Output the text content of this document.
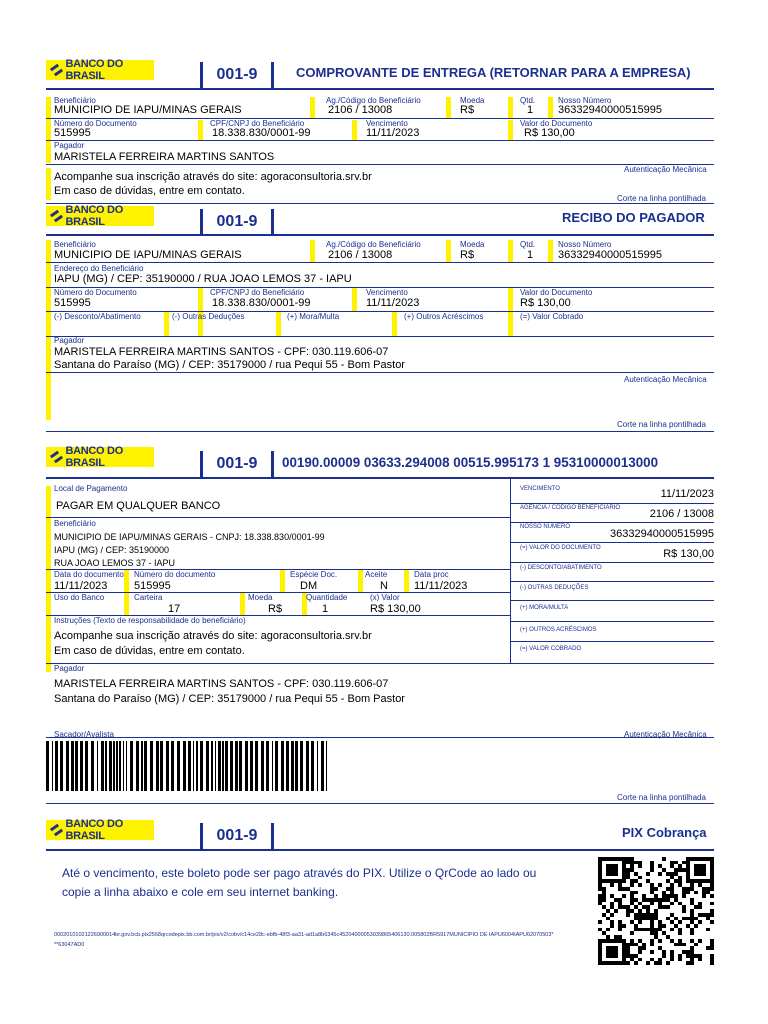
BANCO DO BRASIL	001-9	COMPROVANTE DE ENTREGA (RETORNAR PARA A EMPRESA)
Beneficiário
MUNICIPIO DE IAPU/MINAS GERAIS
Ag./Código do Beneficiário
2106 / 13008
Moeda
R$
Qtd.
1
Nosso Número
36332940000515995
Número do Documento
515995
CPF/CNPJ do Beneficiário
18.338.830/0001-99
Vencimento
11/11/2023
Valor do Documento
R$ 130,00
Pagador
MARISTELA FERREIRA MARTINS SANTOS
Autenticação Mecânica
Acompanhe sua inscrição através do site: agoraconsultoria.srv.br
Em caso de dúvidas, entre em contato.
Corte na linha pontilhada
BANCO DO BRASIL	001-9	RECIBO DO PAGADOR
Beneficiário
MUNICIPIO DE IAPU/MINAS GERAIS
Ag./Código do Beneficiário
2106 / 13008
Moeda
R$
Qtd.
1
Nosso Número
36332940000515995
Endereço do Beneficiário
IAPU (MG) / CEP: 35190000 / RUA JOAO LEMOS 37 - IAPU
Número do Documento
515995
CPF/CNPJ do Beneficiário
18.338.830/0001-99
Vencimento
11/11/2023
Valor do Documento
R$ 130,00
(-) Desconto/Abatimento	(-) Outras Deduções	(+) Mora/Multa	(+) Outros Acréscimos	(=) Valor Cobrado
Pagador
MARISTELA FERREIRA MARTINS SANTOS - CPF: 030.119.606-07
Santana do Paraíso (MG) / CEP: 35179000 / rua Pequi 55 - Bom Pastor
Autenticação Mecânica
Corte na linha pontilhada
BANCO DO BRASIL	001-9	00190.00009 03633.294008 00515.995173 1 95310000013000
Local de Pagamento
PAGAR EM QUALQUER BANCO
Beneficiário
MUNICIPIO DE IAPU/MINAS GERAIS - CNPJ: 18.338.830/0001-99
IAPU (MG) / CEP: 35190000
RUA JOAO LEMOS 37 - IAPU
Data do documento
11/11/2023
Número do documento
515995
Espécie Doc.
DM
Aceite
N
Data proc
11/11/2023
Uso do Banco	Carteira
17
Moeda
R$
Quantidade
1
(x) Valor
R$ 130,00
Instruções (Texto de responsabilidade do beneficiário)
Acompanhe sua inscrição através do site: agoraconsultoria.srv.br
Em caso de dúvidas, entre em contato.
VENCIMENTO	11/11/2023
AGÊNCIA / CÓDIGO BENEFICIÁRIO	2106 / 13008
NOSSO NÚMERO
36332940000515995
(=) VALOR DO DOCUMENTO	R$ 130,00
(-) DESCONTO/ABATIMENTO
(-) OUTRAS DEDUÇÕES
(+) MORA/MULTA
(+) OUTROS ACRÉSCIMOS
(=) VALOR COBRADO
Pagador
MARISTELA FERREIRA MARTINS SANTOS - CPF: 030.119.606-07
Santana do Paraíso (MG) / CEP: 35179000 / rua Pequi 55 - Bom Pastor
Sacador/Avalista	Autenticação Mecânica
Corte na linha pontilhada
BANCO DO BRASIL	001-9	PIX Cobrança
Até o vencimento, este boleto pode ser pago através do PIX. Utilize o QrCode ao lado ou copie a linha abaixo e cole em seu internet banking.
00020101021226900014br.gov.bcb.pix2568qrcodepix.bb.com.br/pix/v2/cobv/c14ce28c-ebfb-48f3-aa31-ad1a8b6345c45204000053039865406130.005802BR5917MUNICIPIO DE IAPU6004IAPU62070503***63047AD0
